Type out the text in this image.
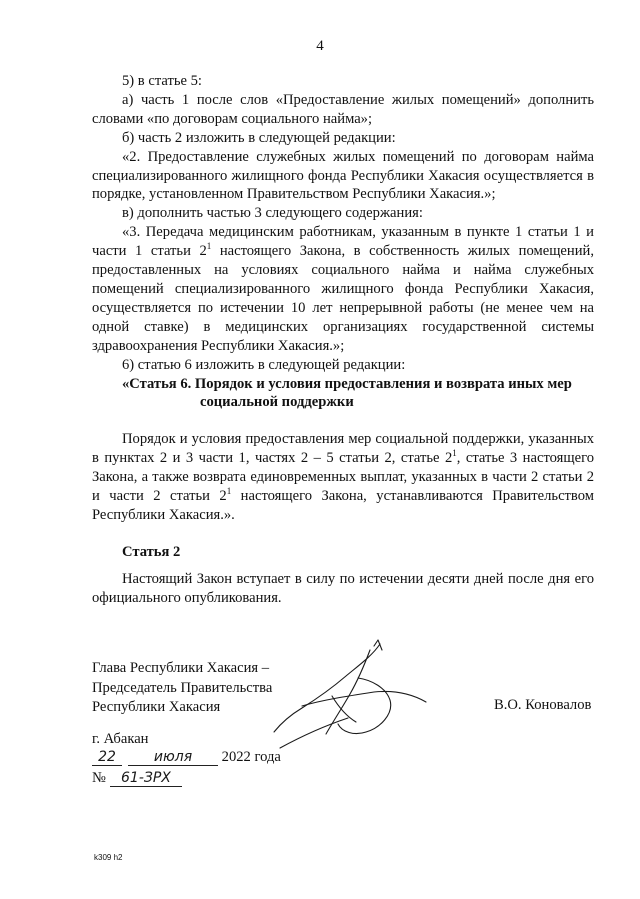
4

5) в статье 5:

а) часть 1 после слов «Предоставление жилых помещений» дополнить словами «по договорам социального найма»;

б) часть 2 изложить в следующей редакции:

«2. Предоставление служебных жилых помещений по договорам найма специализированного жилищного фонда Республики Хакасия осуществляется в порядке, установленном Правительством Республики Хакасия.»;

в) дополнить частью 3 следующего содержания:

«3. Передача медицинским работникам, указанным в пункте 1 статьи 1 и части 1 статьи $2^1$ настоящего Закона, в собственность жилых помещений, предоставленных на условиях социального найма и найма служебных помещений специализированного жилищного фонда Республики Хакасия, осуществляется по истечении 10 лет непрерывной работы (не менее чем на одной ставке) в медицинских организациях государственной системы здравоохранения Республики Хакасия.»;

6) статью 6 изложить в следующей редакции:

«Статья 6. Порядок и условия предоставления и возврата иных мер

социальной поддержки

Порядок и условия предоставления мер социальной поддержки, указанных в пунктах 2 и 3 части 1, частях 2 – 5 статьи 2, статье $2^1$, статье 3 настоящего Закона, а также возврата единовременных выплат, указанных в части 2 статьи 2 и части 2 статьи $2^1$ настоящего Закона, устанавливаются Правительством Республики Хакасия.».

Статья 2

Настоящий Закон вступает в силу по истечении десяти дней после дня его официального опубликования.

Глава Республики Хакасия –
Председатель Правительства
Республики Хакасия	В.О. Коновалов
г. Абакан
22	июля 2022 года
№ 61-ЗРХ
k309 h2
